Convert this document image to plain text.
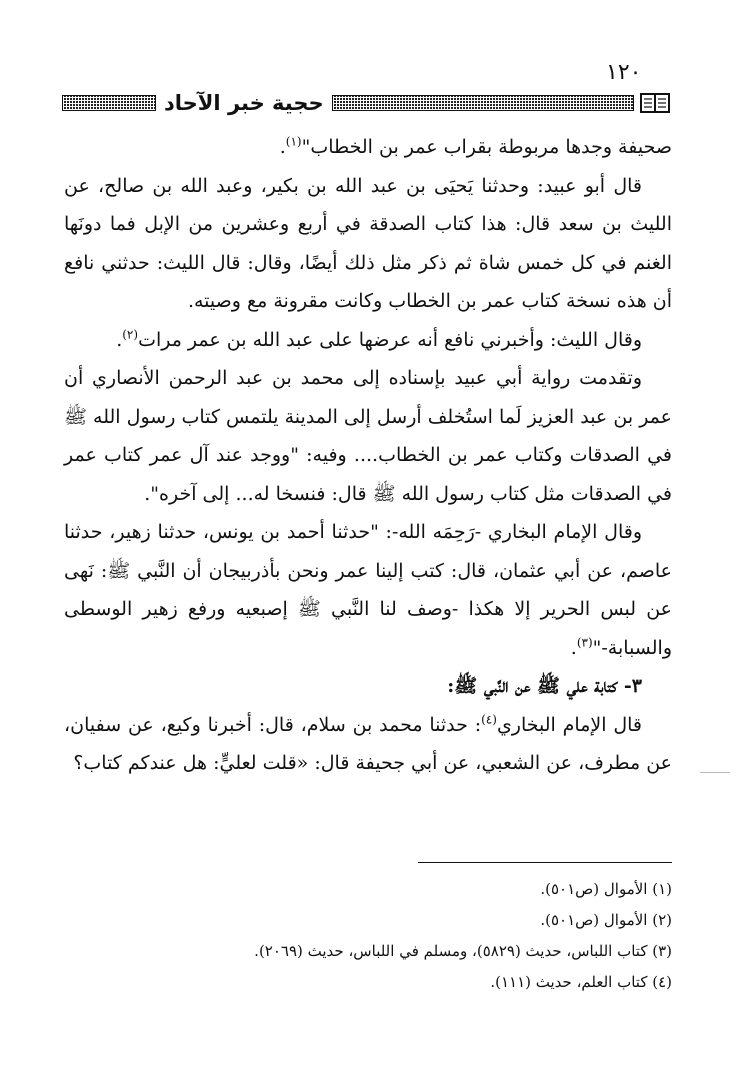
١٢٠
حجية خبر الآحاد

صحيفة وجدها مربوطة بقراب عمر بن الخطاب"$^{(١)}$.

قال أبو عبيد: وحدثنا يَحيَى بن عبد الله بن بكير، وعبد الله بن صالح، عن الليث بن سعد قال: هذا كتاب الصدقة في أربع وعشرين من الإبل فما دونَها الغنم في كل خمس شاة ثم ذكر مثل ذلك أيضًا، وقال: قال الليث: حدثني نافع أن هذه نسخة كتاب عمر بن الخطاب وكانت مقرونة مع وصيته.

وقال الليث: وأخبرني نافع أنه عرضها على عبد الله بن عمر مرات$^{(٢)}$.

وتقدمت رواية أبي عبيد بإسناده إلى محمد بن عبد الرحمن الأنصاري أن عمر بن عبد العزيز لَما استُخلف أرسل إلى المدينة يلتمس كتاب رسول الله ﷺ في الصدقات وكتاب عمر بن الخطاب.... وفيه: "ووجد عند آل عمر كتاب عمر في الصدقات مثل كتاب رسول الله ﷺ قال: فنسخا له... إلى آخره".

وقال الإمام البخاري -رَحِمَه الله-: "حدثنا أحمد بن يونس، حدثنا زهير، حدثنا عاصم، عن أبي عثمان، قال: كتب إلينا عمر ونحن بأذربيجان أن النَّبي ﷺ: نَهى عن لبس الحرير إلا هكذا -وصف لنا النَّبي ﷺ إصبعيه ورفع زهير الوسطى والسبابة-"$^{(٣)}$.

٣- كتابة علي ﷺ عن النَّبي ﷺ:

قال الإمام البخاري$^{(٤)}$: حدثنا محمد بن سلام، قال: أخبرنا وكيع، عن سفيان، عن مطرف، عن الشعبي، عن أبي جحيفة قال: «قلت لعليٍّ: هل عندكم كتاب؟

(١) الأموال (ص٥٠١).
(٢) الأموال (ص٥٠١).
(٣) كتاب اللباس، حديث (٥٨٢٩)، ومسلم في اللباس، حديث (٢٠٦٩).
(٤) كتاب العلم، حديث (١١١).
